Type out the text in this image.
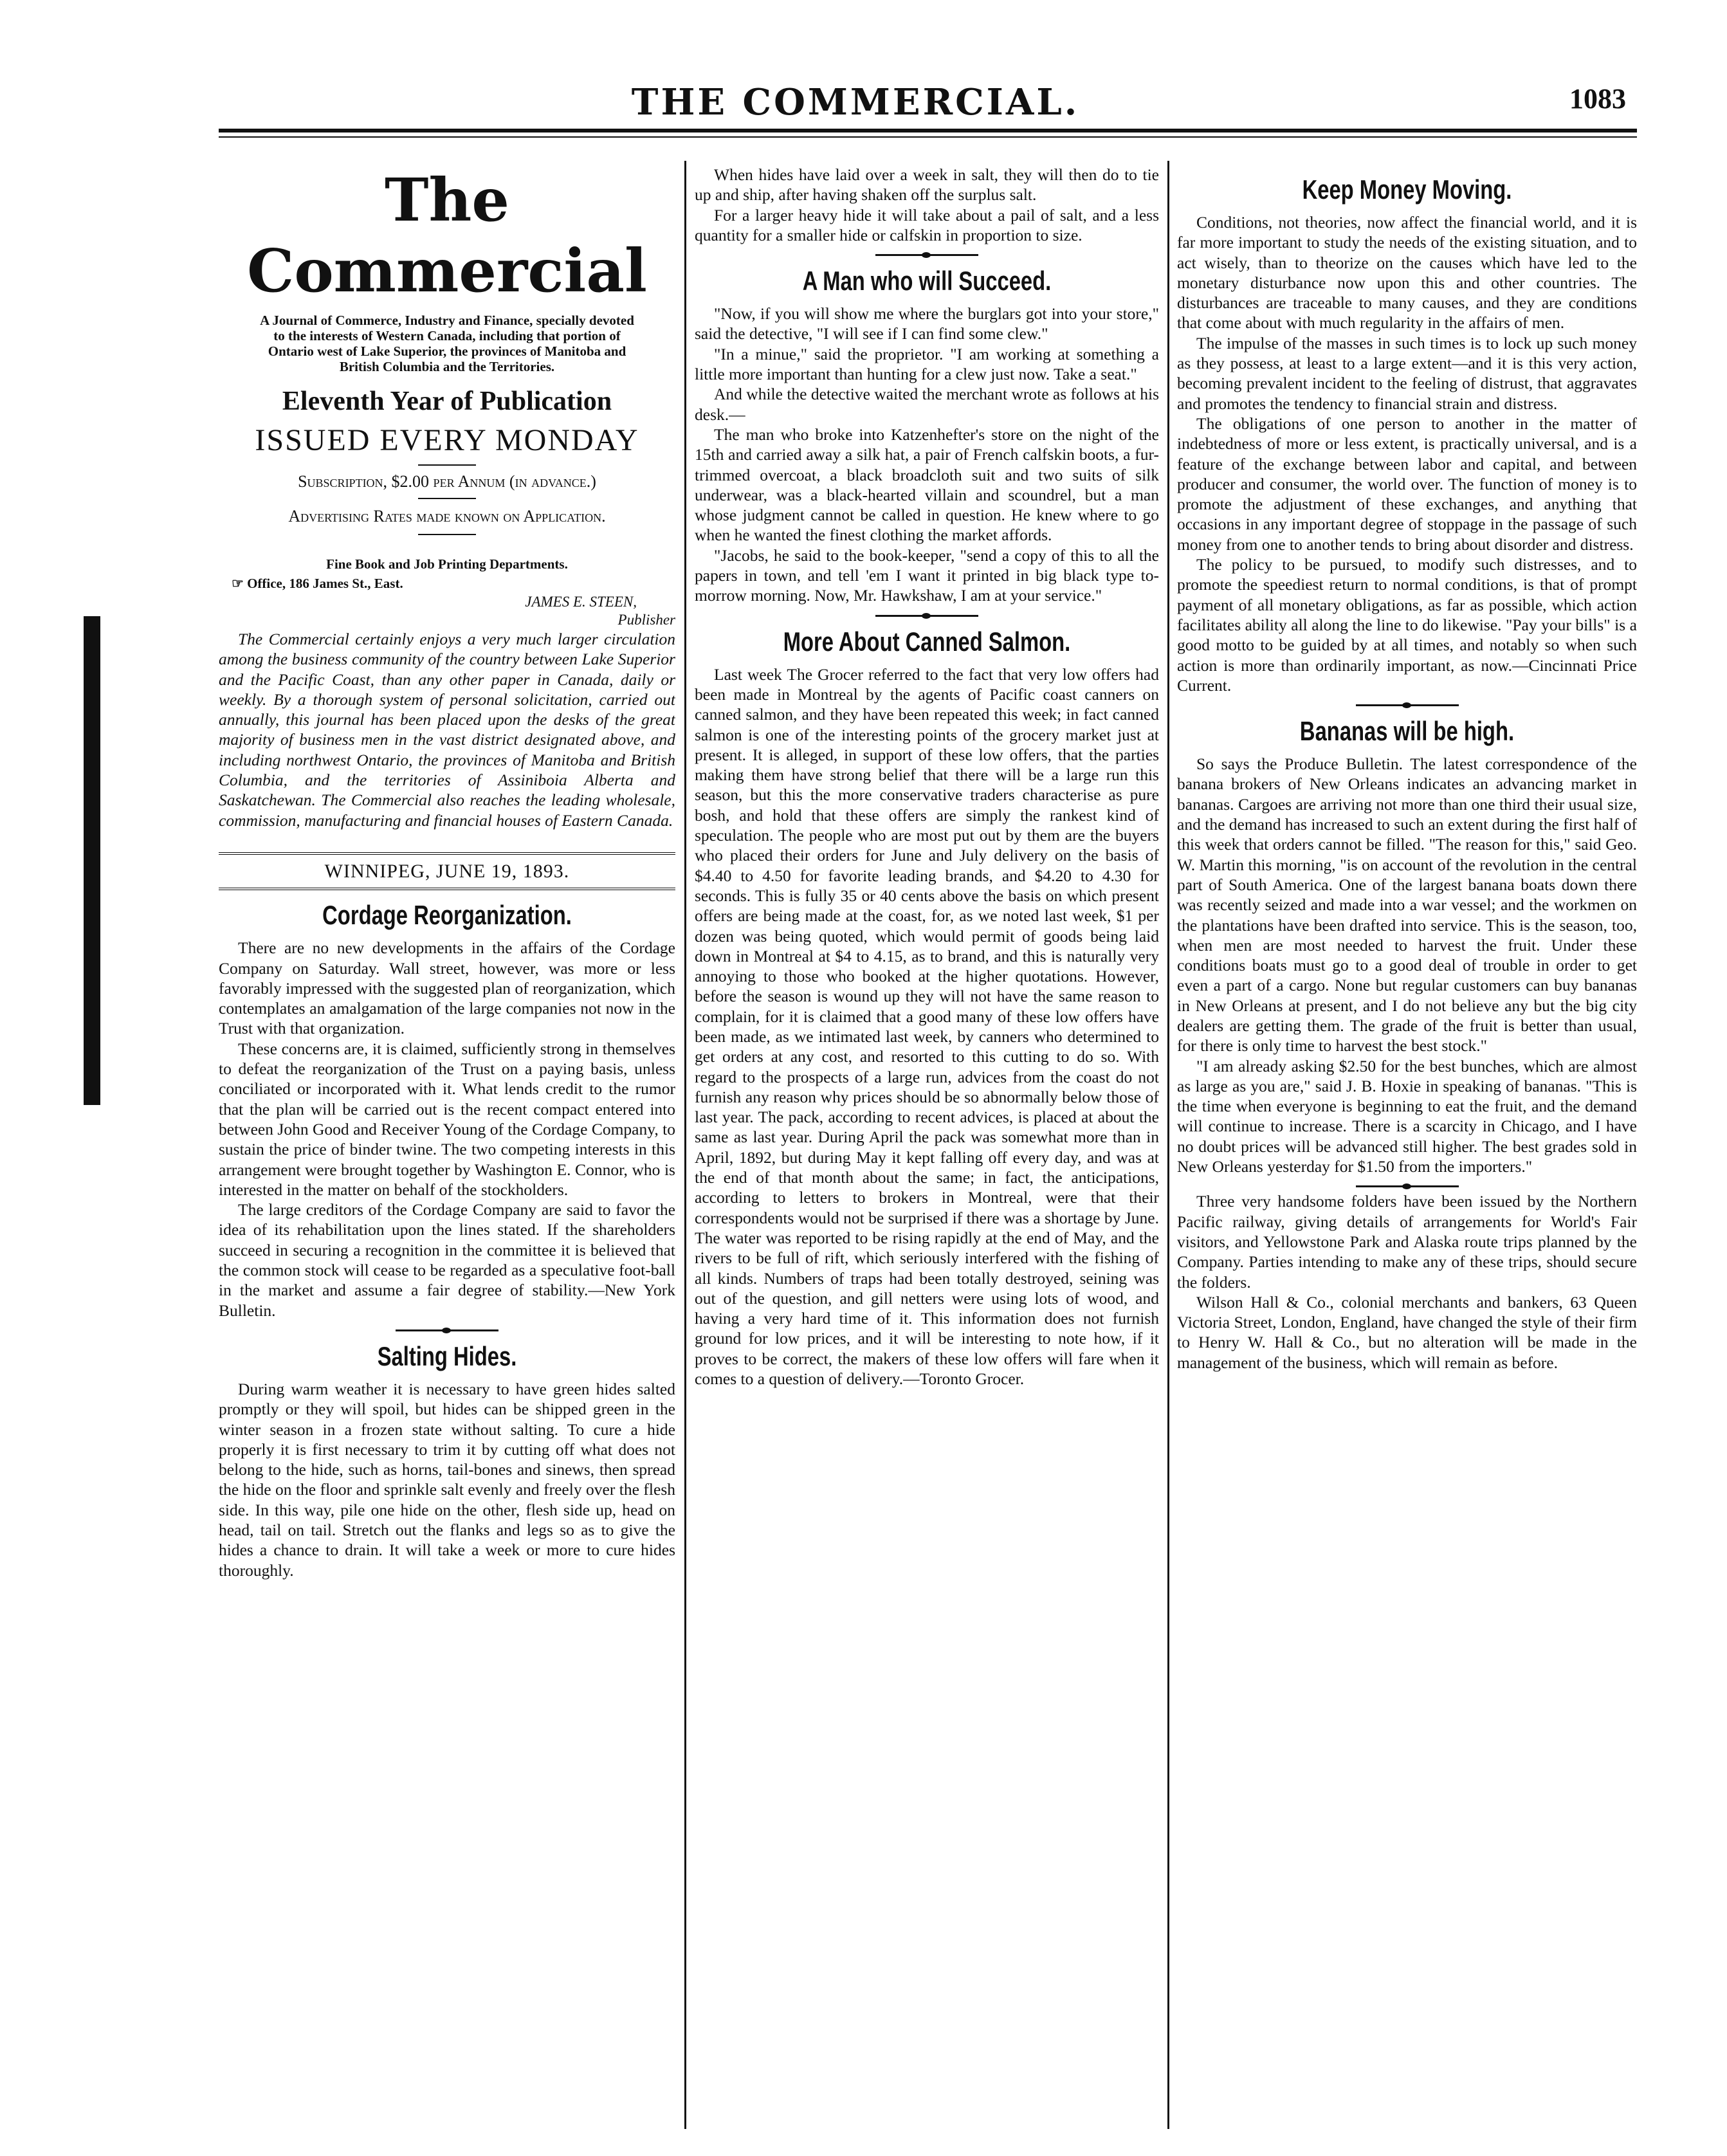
THE COMMERCIAL.	1083
The Commercial
A Journal of Commerce, Industry and Finance, specially devoted to the interests of Western Canada, including that portion of Ontario west of Lake Superior, the provinces of Manitoba and British Columbia and the Territories.
Eleventh Year of Publication
ISSUED EVERY MONDAY
Subscription, $2.00 per Annum (in advance.)
Advertising Rates made known on Application.
Fine Book and Job Printing Departments.
☞ Office, 186 James St., East.
JAMES E. STEEN,
Publisher

The Commercial certainly enjoys a very much larger circulation among the business community of the country between Lake Superior and the Pacific Coast, than any other paper in Canada, daily or weekly. By a thorough system of personal solicitation, carried out annually, this journal has been placed upon the desks of the great majority of business men in the vast district designated above, and including northwest Ontario, the provinces of Manitoba and British Columbia, and the territories of Assiniboia Alberta and Saskatchewan. The Commercial also reaches the leading wholesale, commission, manufacturing and financial houses of Eastern Canada.

WINNIPEG, JUNE 19, 1893.
Cordage Reorganization.

There are no new developments in the affairs of the Cordage Company on Saturday. Wall street, however, was more or less favorably impressed with the suggested plan of reorganization, which contemplates an amalgamation of the large companies not now in the Trust with that organization.

These concerns are, it is claimed, sufficiently strong in themselves to defeat the reorganization of the Trust on a paying basis, unless conciliated or incorporated with it. What lends credit to the rumor that the plan will be carried out is the recent compact entered into between John Good and Receiver Young of the Cordage Company, to sustain the price of binder twine. The two competing interests in this arrangement were brought together by Washington E. Connor, who is interested in the matter on behalf of the stockholders.

The large creditors of the Cordage Company are said to favor the idea of its rehabilitation upon the lines stated. If the shareholders succeed in securing a recognition in the committee it is believed that the common stock will cease to be regarded as a speculative foot-ball in the market and assume a fair degree of stability.—New York Bulletin.

Salting Hides.

During warm weather it is necessary to have green hides salted promptly or they will spoil, but hides can be shipped green in the winter season in a frozen state without salting. To cure a hide properly it is first necessary to trim it by cutting off what does not belong to the hide, such as horns, tail-bones and sinews, then spread the hide on the floor and sprinkle salt evenly and freely over the flesh side. In this way, pile one hide on the other, flesh side up, head on head, tail on tail. Stretch out the flanks and legs so as to give the hides a chance to drain. It will take a week or more to cure hides thoroughly.

When hides have laid over a week in salt, they will then do to tie up and ship, after having shaken off the surplus salt.

For a larger heavy hide it will take about a pail of salt, and a less quantity for a smaller hide or calfskin in proportion to size.

A Man who will Succeed.

"Now, if you will show me where the burglars got into your store," said the detective, "I will see if I can find some clew."

"In a minue," said the proprietor. "I am working at something a little more important than hunting for a clew just now. Take a seat."

And while the detective waited the merchant wrote as follows at his desk.—

The man who broke into Katzenhefter's store on the night of the 15th and carried away a silk hat, a pair of French calfskin boots, a fur-trimmed overcoat, a black broadcloth suit and two suits of silk underwear, was a black-hearted villain and scoundrel, but a man whose judgment cannot be called in question. He knew where to go when he wanted the finest clothing the market affords.

"Jacobs, he said to the book-keeper, "send a copy of this to all the papers in town, and tell 'em I want it printed in big black type to-morrow morning. Now, Mr. Hawkshaw, I am at your service."

More About Canned Salmon.

Last week The Grocer referred to the fact that very low offers had been made in Montreal by the agents of Pacific coast canners on canned salmon, and they have been repeated this week; in fact canned salmon is one of the interesting points of the grocery market just at present. It is alleged, in support of these low offers, that the parties making them have strong belief that there will be a large run this season, but this the more conservative traders characterise as pure bosh, and hold that these offers are simply the rankest kind of speculation. The people who are most put out by them are the buyers who placed their orders for June and July delivery on the basis of $4.40 to 4.50 for favorite leading brands, and $4.20 to 4.30 for seconds. This is fully 35 or 40 cents above the basis on which present offers are being made at the coast, for, as we noted last week, $1 per dozen was being quoted, which would permit of goods being laid down in Montreal at $4 to 4.15, as to brand, and this is naturally very annoying to those who booked at the higher quotations. However, before the season is wound up they will not have the same reason to complain, for it is claimed that a good many of these low offers have been made, as we intimated last week, by canners who determined to get orders at any cost, and resorted to this cutting to do so. With regard to the prospects of a large run, advices from the coast do not furnish any reason why prices should be so abnormally below those of last year. The pack, according to recent advices, is placed at about the same as last year. During April the pack was somewhat more than in April, 1892, but during May it kept falling off every day, and was at the end of that month about the same; in fact, the anticipations, according to letters to brokers in Montreal, were that their correspondents would not be surprised if there was a shortage by June. The water was reported to be rising rapidly at the end of May, and the rivers to be full of rift, which seriously interfered with the fishing of all kinds. Numbers of traps had been totally destroyed, seining was out of the question, and gill netters were using lots of wood, and having a very hard time of it. This information does not furnish ground for low prices, and it will be interesting to note how, if it proves to be correct, the makers of these low offers will fare when it comes to a question of delivery.—Toronto Grocer.

Keep Money Moving.

Conditions, not theories, now affect the financial world, and it is far more important to study the needs of the existing situation, and to act wisely, than to theorize on the causes which have led to the monetary disturbance now upon this and other countries. The disturbances are traceable to many causes, and they are conditions that come about with much regularity in the affairs of men.

The impulse of the masses in such times is to lock up such money as they possess, at least to a large extent—and it is this very action, becoming prevalent incident to the feeling of distrust, that aggravates and promotes the tendency to financial strain and distress.

The obligations of one person to another in the matter of indebtedness of more or less extent, is practically universal, and is a feature of the exchange between labor and capital, and between producer and consumer, the world over. The function of money is to promote the adjustment of these exchanges, and anything that occasions in any important degree of stoppage in the passage of such money from one to another tends to bring about disorder and distress.

The policy to be pursued, to modify such distresses, and to promote the speediest return to normal conditions, is that of prompt payment of all monetary obligations, as far as possible, which action facilitates ability all along the line to do likewise. "Pay your bills" is a good motto to be guided by at all times, and notably so when such action is more than ordinarily important, as now.—Cincinnati Price Current.

Bananas will be high.

So says the Produce Bulletin. The latest correspondence of the banana brokers of New Orleans indicates an advancing market in bananas. Cargoes are arriving not more than one third their usual size, and the demand has increased to such an extent during the first half of this week that orders cannot be filled. "The reason for this," said Geo. W. Martin this morning, "is on account of the revolution in the central part of South America. One of the largest banana boats down there was recently seized and made into a war vessel; and the workmen on the plantations have been drafted into service. This is the season, too, when men are most needed to harvest the fruit. Under these conditions boats must go to a good deal of trouble in order to get even a part of a cargo. None but regular customers can buy bananas in New Orleans at present, and I do not believe any but the big city dealers are getting them. The grade of the fruit is better than usual, for there is only time to harvest the best stock."

"I am already asking $2.50 for the best bunches, which are almost as large as you are," said J. B. Hoxie in speaking of bananas. "This is the time when everyone is beginning to eat the fruit, and the demand will continue to increase. There is a scarcity in Chicago, and I have no doubt prices will be advanced still higher. The best grades sold in New Orleans yesterday for $1.50 from the importers."

Three very handsome folders have been issued by the Northern Pacific railway, giving details of arrangements for World's Fair visitors, and Yellowstone Park and Alaska route trips planned by the Company. Parties intending to make any of these trips, should secure the folders.

Wilson Hall & Co., colonial merchants and bankers, 63 Queen Victoria Street, London, England, have changed the style of their firm to Henry W. Hall & Co., but no alteration will be made in the management of the business, which will remain as before.
